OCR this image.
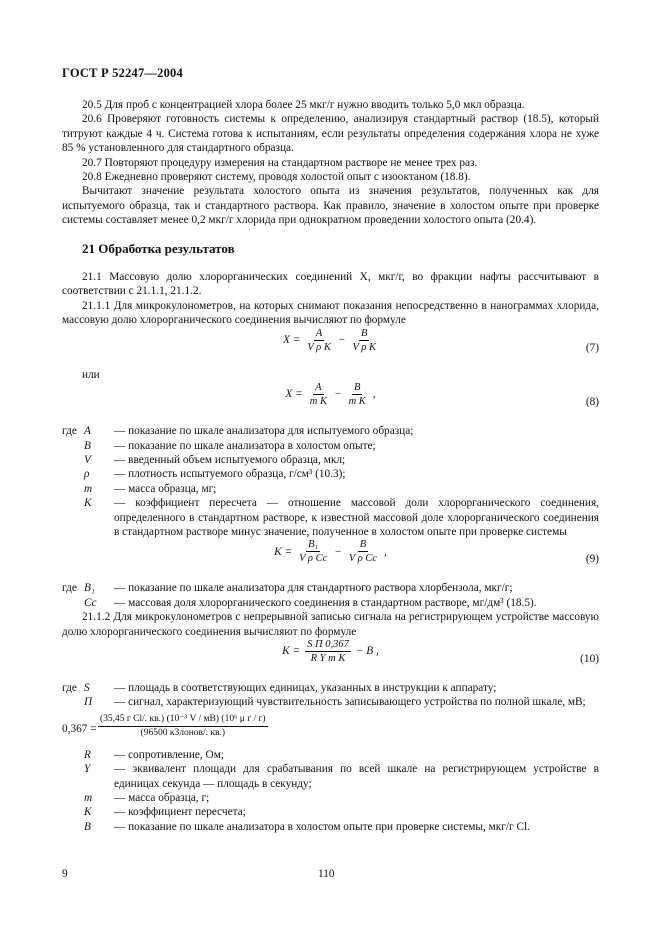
ГОСТ Р 52247—2004

20.5 Для проб с концентрацией хлора более 25 мкг/г нужно вводить только 5,0 мкл образца.

20.6 Проверяют готовность системы к определению, анализируя стандартный раствор (18.5), который титруют каждые 4 ч. Система готова к испытаниям, если результаты определения содержания хлора не хуже 85 % установленного для стандартного образца.

20.7 Повторяют процедуру измерения на стандартном растворе не менее трех раз.

20.8 Ежедневно проверяют систему, проводя холостой опыт с изооктаном (18.8).

Вычитают значение результата холостого опыта из значения результатов, полученных как для испытуемого образца, так и стандартного раствора. Как правило, значение в холостом опыте при проверке системы составляет менее 0,2 мкг/г хлорида при однократном проведении холостого опыта (20.4).

21 Обработка результатов

21.1 Массовую долю хлорорганических соединений X, мкг/г, во фракции нафты рассчитывают в соответствии с 21.1.1, 21.1.2.

21.1.1 Для микрокулонометров, на которых снимают показания непосредственно в нанограммах хлорида, массовую долю хлорорганического соединения вычисляют по формуле

$X = \frac{A}{\text{V ρ K}} - \frac{B}{\text{V ρ K}}$	(7)

или

$X = \frac{A}{\text{m K}} - \frac{B}{\text{m K}}$ ,
(8)
где A	— показание по шкале анализатора для испытуемого образца;
B	— показание по шкале анализатора в холостом опыте;
V	— введенный объем испытуемого образца, мкл;
ρ	— плотность испытуемого образца, г/см³ (10.3);
m	— масса образца, мг;
K	— коэффициент пересчета — отношение массовой доли хлорорганического соединения, определенного в стандартном растворе, к известной массовой доле хлорорганического соединения в стандартном растворе минус значение, полученное в холостом опыте при проверке системы
$K = \frac{\text{B₁}}{\text{V ρ Cс}} - \frac{B}{\text{V ρ Cс}}$ ,
(9)
где B₁	— показание по шкале анализатора для стандартного раствора хлорбензола, мкг/г;
Cс	— массовая доля хлорорганического соединения в стандартном растворе, мг/дм³ (18.5).

21.1.2 Для микрокулонометров с непрерывной записью сигнала на регистрирующем устройстве массовую долю хлорорганического соединения вычисляют по формуле

$K = \frac{\text{S П 0,367}}{\text{R Y m K}} - B$ ,
(10)
где S	— площадь в соответствующих единицах, указанных в инструкции к аппарату;
П	— сигнал, характеризующий чувствительность записывающего устройства по полной шкале, мВ;
0,367 =
(35,45 г Cl/. кв.) (10⁻³ V / мВ) (10⁶ μ г / г)
(96500 к3лонов/. кв.)
R	— сопротивление, Ом;
Y	— эквивалент площади для срабатывания по всей шкале на регистрирующем устройстве в единицах секунда — площадь в секунду;
m	— масса образца, г;
K	— коэффициент пересчета;
B	— показание по шкале анализатора в холостом опыте при проверке системы, мкг/г Cl.
9	110
